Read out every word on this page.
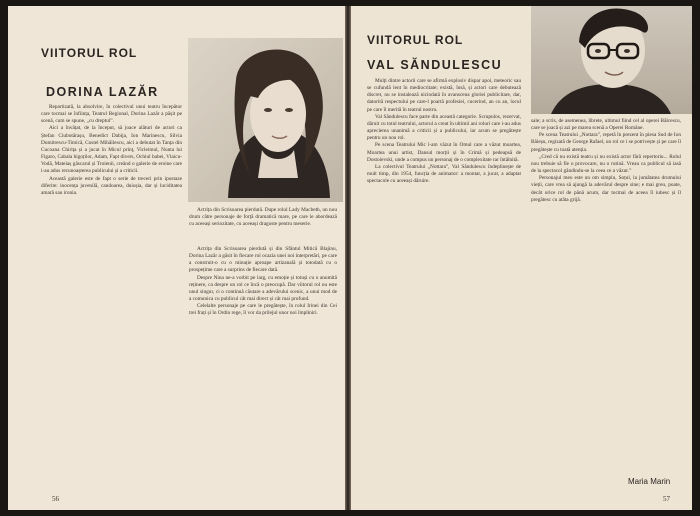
VIITORUL ROL
DORINA LAZĂR

Repartizată, la absolvire, în colectivul unui teatru începător care tocmai se înființa, Teatrul Regional, Dorina Lazăr a pășit pe scenă, cum se spune, „cu dreptul”.

Aici a învățat, de la început, să joace alături de actori ca Ștefan Ciubotărașu, Benedict Dabija, Ion Marinescu, Silvia Dumitrescu-Timică, Costel Mihăilescu, aici a debutat în Tanța din Cucoana Chirița și a jucat în Micul prinț, Vicleimul, Nunta lui Figaro, Cabala bigoților, Adam, Fapt divers, Ochiul babei, Vlaicu-Vodă, Mateiaș gâscarul și Troienii, creând o galerie de eroine care i-au adus recunoașterea publicului și a criticii.

Această galerie este de fapt o serie de treceri prin ipostaze diferite: inocența juvenilă, candoarea, duioșia, dar și luciditatea amară sau ironia.

Actrița din Scrisoarea pierdută. Dupe rolul Lady Macbeth, un nou drum către personaje de forță dramatică mare, pe care le abordează cu aceeași seriozitate, cu aceeași dragoste pentru meserie.

Actrița din Scrisoarea pierdută și din Sfântul Mitică Blajinu, Dorina Lazăr a găsit în fiecare rol ocazia unei noi interpretări, pe care a construit-o cu o minuție aproape artizanală și totodată cu o prospețime care a surprins de fiecare dată.

Despre Nina ne-a vorbit pe larg, cu emoție și totuși cu o anumită reținere, ca despre un rol ce încă o preocupă. Dar viitorul rol nu este unul singur, ci o continuă căutare a adevărului scenic, a unui mod de a comunica cu publicul cât mai direct și cât mai profund.

Celelalte personaje pe care le pregătește, în rolul Irinei din Cei trei frați și în Ordin rege, îi vor da prilejul unor noi împliniri.

56
VIITORUL ROL
VAL SĂNDULESCU

Mulți dintre actorii care se afirmă explosiv dispar apoi, meteoric sau se cufundă lent în mediocritate; există, însă, și actori care debutează discret, nu se instalează niciodată în avanscena gloriei publicitare, dar, datorită respectului pe care-l poartă profesiei, cucerind, an cu an, locul pe care îl merită în teatrul nostru.

Val Săndulescu face parte din această categorie. Scrupulos, rezervat, dăruit cu totul teatrului, actorul a creat în ultimii ani roluri care i-au adus aprecierea unanimă a criticii și a publicului, iar acum se pregătește pentru un nou rol.

Pe scena Teatrului Mic l-am văzut în Omul care a văzut moartea, Moartea unui artist, Dansul morții și în Crimă și pedeapsă de Dostoievski, unde a compus un personaj de o complexitate rar întâlnită.

La colectivul Teatrului „Nottara”, Val Săndulescu îndeplinește de mult timp, din 1954, funcția de animator: a montat, a jucat, a adaptat spectacole cu aceeași dăruire.

sale; a scris, de asemenea, librete, ultimul fiind cel al operei Bălcescu, care se joacă și azi pe marea scenă a Operei Române.

Pe scena Teatrului „Nottara”, repetă în prezent în piesa Sud de Ion Băieșu, regizată de George Rafael, un rol ce i se potrivește și pe care îl pregătește cu toată atenția.

„Cred că nu există teatru și nu există actor fără repertoriu... Rolul nou trebuie să fie o provocare, nu o rutină. Vreau ca publicul să iasă de la spectacol gândindu-se la ceea ce a văzut.”

Personajul meu este un om simplu, Soțul, la jumătatea drumului vieții, care vrea să ajungă la adevărul despre sine; e mai greu, poate, decât orice rol de până acum, dar tocmai de aceea îl iubesc și îl pregătesc cu atâta grijă.

Maria Marin
57
